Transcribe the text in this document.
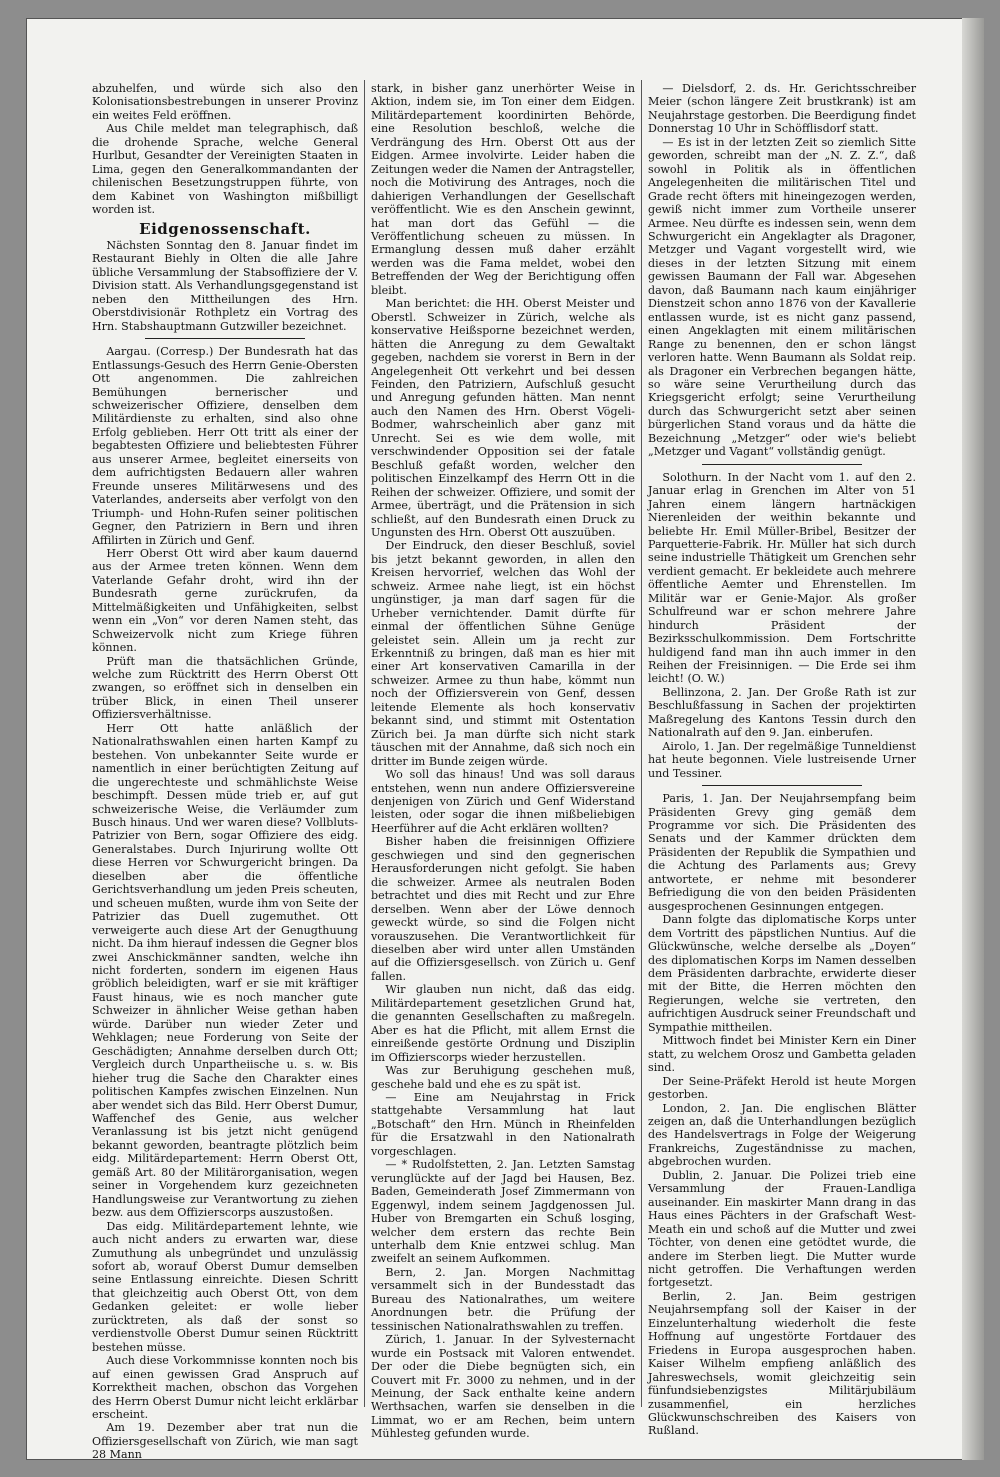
abzuhelfen, und würde sich also den Kolonisationsbestrebungen in unserer Provinz ein weites Feld eröffnen.

Aus Chile meldet man telegraphisch, daß die drohende Sprache, welche General Hurlbut, Gesandter der Vereinigten Staaten in Lima, gegen den Generalkommandanten der chilenischen Besetzungstruppen führte, von dem Kabinet von Washington mißbilligt worden ist.

Eidgenossenschaft.

Nächsten Sonntag den 8. Januar findet im Restaurant Biehly in Olten die alle Jahre übliche Versammlung der Stabsoffiziere der V. Division statt. Als Verhandlungsgegenstand ist neben den Mittheilungen des Hrn. Oberstdivisionär Rothpletz ein Vortrag des Hrn. Stabshauptmann Gutzwiller bezeichnet.

Aargau. (Corresp.) Der Bundesrath hat das Entlassungs-Gesuch des Herrn Genie-Obersten Ott angenommen. Die zahlreichen Bemühungen bernerischer und schweizerischer Offiziere, denselben dem Militärdienste zu erhalten, sind also ohne Erfolg geblieben. Herr Ott tritt als einer der begabtesten Offiziere und beliebtesten Führer aus unserer Armee, begleitet einerseits von dem aufrichtigsten Bedauern aller wahren Freunde unseres Militärwesens und des Vaterlandes, anderseits aber verfolgt von den Triumph- und Hohn-Rufen seiner politischen Gegner, den Patriziern in Bern und ihren Affilirten in Zürich und Genf.

Herr Oberst Ott wird aber kaum dauernd aus der Armee treten können. Wenn dem Vaterlande Gefahr droht, wird ihn der Bundesrath gerne zurückrufen, da Mittelmäßigkeiten und Unfähigkeiten, selbst wenn ein „Von“ vor deren Namen steht, das Schweizervolk nicht zum Kriege führen können.

Prüft man die thatsächlichen Gründe, welche zum Rücktritt des Herrn Oberst Ott zwangen, so eröffnet sich in denselben ein trüber Blick, in einen Theil unserer Offiziersverhältnisse.

Herr Ott hatte anläßlich der Nationalrathswahlen einen harten Kampf zu bestehen. Von unbekannter Seite wurde er namentlich in einer berüchtigten Zeitung auf die ungerechteste und schmählichste Weise beschimpft. Dessen müde trieb er, auf gut schweizerische Weise, die Verläumder zum Busch hinaus. Und wer waren diese? Vollbluts-Patrizier von Bern, sogar Offiziere des eidg. Generalstabes. Durch Injurirung wollte Ott diese Herren vor Schwurgericht bringen. Da dieselben aber die öffentliche Gerichtsverhandlung um jeden Preis scheuten, und scheuen mußten, wurde ihm von Seite der Patrizier das Duell zugemuthet. Ott verweigerte auch diese Art der Genugthuung nicht. Da ihm hierauf indessen die Gegner blos zwei Anschickmänner sandten, welche ihn nicht forderten, sondern im eigenen Haus gröblich beleidigten, warf er sie mit kräftiger Faust hinaus, wie es noch mancher gute Schweizer in ähnlicher Weise gethan haben würde. Darüber nun wieder Zeter und Wehklagen; neue Forderung von Seite der Geschädigten; Annahme derselben durch Ott; Vergleich durch Unpartheiische u. s. w. Bis hieher trug die Sache den Charakter eines politischen Kampfes zwischen Einzelnen. Nun aber wendet sich das Bild. Herr Oberst Dumur, Waffenchef des Genie, aus welcher Veranlassung ist bis jetzt nicht genügend bekannt geworden, beantragte plötzlich beim eidg. Militärdepartement: Herrn Oberst Ott, gemäß Art. 80 der Militärorganisation, wegen seiner in Vorgehendem kurz gezeichneten Handlungsweise zur Verantwortung zu ziehen bezw. aus dem Offizierscorps auszustoßen.

Das eidg. Militärdepartement lehnte, wie auch nicht anders zu erwarten war, diese Zumuthung als unbegründet und unzulässig sofort ab, worauf Oberst Dumur demselben seine Entlassung einreichte. Diesen Schritt that gleichzeitig auch Oberst Ott, von dem Gedanken geleitet: er wolle lieber zurücktreten, als daß der sonst so verdienstvolle Oberst Dumur seinen Rücktritt bestehen müsse.

Auch diese Vorkommnisse konnten noch bis auf einen gewissen Grad Anspruch auf Korrektheit machen, obschon das Vorgehen des Herrn Oberst Dumur nicht leicht erklärbar erscheint.

Am 19. Dezember aber trat nun die Offiziersgesellschaft von Zürich, wie man sagt 28 Mann

stark, in bisher ganz unerhörter Weise in Aktion, indem sie, im Ton einer dem Eidgen. Militärdepartement koordinirten Behörde, eine Resolution beschloß, welche die Verdrängung des Hrn. Oberst Ott aus der Eidgen. Armee involvirte. Leider haben die Zeitungen weder die Namen der Antragsteller, noch die Motivirung des Antrages, noch die dahierigen Verhandlungen der Gesellschaft veröffentlicht. Wie es den Anschein gewinnt, hat man dort das Gefühl — die Veröffentlichung scheuen zu müssen. In Ermanglung dessen muß daher erzählt werden was die Fama meldet, wobei den Betreffenden der Weg der Berichtigung offen bleibt.

Man berichtet: die HH. Oberst Meister und Oberstl. Schweizer in Zürich, welche als konservative Heißsporne bezeichnet werden, hätten die Anregung zu dem Gewaltakt gegeben, nachdem sie vorerst in Bern in der Angelegenheit Ott verkehrt und bei dessen Feinden, den Patriziern, Aufschluß gesucht und Anregung gefunden hätten. Man nennt auch den Namen des Hrn. Oberst Vögeli-Bodmer, wahrscheinlich aber ganz mit Unrecht. Sei es wie dem wolle, mit verschwindender Opposition sei der fatale Beschluß gefaßt worden, welcher den politischen Einzelkampf des Herrn Ott in die Reihen der schweizer. Offiziere, und somit der Armee, überträgt, und die Prätension in sich schließt, auf den Bundesrath einen Druck zu Ungunsten des Hrn. Oberst Ott auszuüben.

Der Eindruck, den dieser Beschluß, soviel bis jetzt bekannt geworden, in allen den Kreisen hervorrief, welchen das Wohl der schweiz. Armee nahe liegt, ist ein höchst ungünstiger, ja man darf sagen für die Urheber vernichtender. Damit dürfte für einmal der öffentlichen Sühne Genüge geleistet sein. Allein um ja recht zur Erkenntniß zu bringen, daß man es hier mit einer Art konservativen Camarilla in der schweizer. Armee zu thun habe, kömmt nun noch der Offiziersverein von Genf, dessen leitende Elemente als hoch konservativ bekannt sind, und stimmt mit Ostentation Zürich bei. Ja man dürfte sich nicht stark täuschen mit der Annahme, daß sich noch ein dritter im Bunde zeigen würde.

Wo soll das hinaus! Und was soll daraus entstehen, wenn nun andere Offiziersvereine denjenigen von Zürich und Genf Widerstand leisten, oder sogar die ihnen mißbeliebigen Heerführer auf die Acht erklären wollten?

Bisher haben die freisinnigen Offiziere geschwiegen und sind den gegnerischen Herausforderungen nicht gefolgt. Sie haben die schweizer. Armee als neutralen Boden betrachtet und dies mit Recht und zur Ehre derselben. Wenn aber der Löwe dennoch geweckt würde, so sind die Folgen nicht vorauszusehen. Die Verantwortlichkeit für dieselben aber wird unter allen Umständen auf die Offiziersgesellsch. von Zürich u. Genf fallen.

Wir glauben nun nicht, daß das eidg. Militärdepartement gesetzlichen Grund hat, die genannten Gesellschaften zu maßregeln. Aber es hat die Pflicht, mit allem Ernst die einreißende gestörte Ordnung und Disziplin im Offizierscorps wieder herzustellen.

Was zur Beruhigung geschehen muß, geschehe bald und ehe es zu spät ist.

— Eine am Neujahrstag in Frick stattgehabte Versammlung hat laut „Botschaft“ den Hrn. Münch in Rheinfelden für die Ersatzwahl in den Nationalrath vorgeschlagen.

— * Rudolfstetten, 2. Jan. Letzten Samstag verunglückte auf der Jagd bei Hausen, Bez. Baden, Gemeinderath Josef Zimmermann von Eggenwyl, indem seinem Jagdgenossen Jul. Huber von Bremgarten ein Schuß losging, welcher dem erstern das rechte Bein unterhalb dem Knie entzwei schlug. Man zweifelt an seinem Aufkommen.

Bern, 2. Jan. Morgen Nachmittag versammelt sich in der Bundesstadt das Bureau des Nationalrathes, um weitere Anordnungen betr. die Prüfung der tessinischen Nationalrathswahlen zu treffen.

Zürich, 1. Januar. In der Sylvesternacht wurde ein Postsack mit Valoren entwendet. Der oder die Diebe begnügten sich, ein Couvert mit Fr. 3000 zu nehmen, und in der Meinung, der Sack enthalte keine andern Werthsachen, warfen sie denselben in die Limmat, wo er am Rechen, beim untern Mühlesteg gefunden wurde.

— Dielsdorf, 2. ds. Hr. Gerichtsschreiber Meier (schon längere Zeit brustkrank) ist am Neujahrstage gestorben. Die Beerdigung findet Donnerstag 10 Uhr in Schöfflisdorf statt.

— Es ist in der letzten Zeit so ziemlich Sitte geworden, schreibt man der „N. Z. Z.“, daß sowohl in Politik als in öffentlichen Angelegenheiten die militärischen Titel und Grade recht öfters mit hineingezogen werden, gewiß nicht immer zum Vortheile unserer Armee. Neu dürfte es indessen sein, wenn dem Schwurgericht ein Angeklagter als Dragoner, Metzger und Vagant vorgestellt wird, wie dieses in der letzten Sitzung mit einem gewissen Baumann der Fall war. Abgesehen davon, daß Baumann nach kaum einjähriger Dienstzeit schon anno 1876 von der Kavallerie entlassen wurde, ist es nicht ganz passend, einen Angeklagten mit einem militärischen Range zu benennen, den er schon längst verloren hatte. Wenn Baumann als Soldat reip. als Dragoner ein Verbrechen begangen hätte, so wäre seine Verurtheilung durch das Kriegsgericht erfolgt; seine Verurtheilung durch das Schwurgericht setzt aber seinen bürgerlichen Stand voraus und da hätte die Bezeichnung „Metzger“ oder wie's beliebt „Metzger und Vagant“ vollständig genügt.

Solothurn. In der Nacht vom 1. auf den 2. Januar erlag in Grenchen im Alter von 51 Jahren einem längern hartnäckigen Nierenleiden der weithin bekannte und beliebte Hr. Emil Müller-Bribel, Besitzer der Parquetterie-Fabrik. Hr. Müller hat sich durch seine industrielle Thätigkeit um Grenchen sehr verdient gemacht. Er bekleidete auch mehrere öffentliche Aemter und Ehrenstellen. Im Militär war er Genie-Major. Als großer Schulfreund war er schon mehrere Jahre hindurch Präsident der Bezirksschulkommission. Dem Fortschritte huldigend fand man ihn auch immer in den Reihen der Freisinnigen. — Die Erde sei ihm leicht! (O. W.)

Bellinzona, 2. Jan. Der Große Rath ist zur Beschlußfassung in Sachen der projektirten Maßregelung des Kantons Tessin durch den Nationalrath auf den 9. Jan. einberufen.

Airolo, 1. Jan. Der regelmäßige Tunneldienst hat heute begonnen. Viele lustreisende Urner und Tessiner.

Paris, 1. Jan. Der Neujahrsempfang beim Präsidenten Grevy ging gemäß dem Programme vor sich. Die Präsidenten des Senats und der Kammer drückten dem Präsidenten der Republik die Sympathien und die Achtung des Parlaments aus; Grevy antwortete, er nehme mit besonderer Befriedigung die von den beiden Präsidenten ausgesprochenen Gesinnungen entgegen.

Dann folgte das diplomatische Korps unter dem Vortritt des päpstlichen Nuntius. Auf die Glückwünsche, welche derselbe als „Doyen“ des diplomatischen Korps im Namen desselben dem Präsidenten darbrachte, erwiderte dieser mit der Bitte, die Herren möchten den Regierungen, welche sie vertreten, den aufrichtigen Ausdruck seiner Freundschaft und Sympathie mittheilen.

Mittwoch findet bei Minister Kern ein Diner statt, zu welchem Orosz und Gambetta geladen sind.

Der Seine-Präfekt Herold ist heute Morgen gestorben.

London, 2. Jan. Die englischen Blätter zeigen an, daß die Unterhandlungen bezüglich des Handelsvertrags in Folge der Weigerung Frankreichs, Zugeständnisse zu machen, abgebrochen wurden.

Dublin, 2. Januar. Die Polizei trieb eine Versammlung der Frauen-Landliga auseinander. Ein maskirter Mann drang in das Haus eines Pächters in der Grafschaft West-Meath ein und schoß auf die Mutter und zwei Töchter, von denen eine getödtet wurde, die andere im Sterben liegt. Die Mutter wurde nicht getroffen. Die Verhaftungen werden fortgesetzt.

Berlin, 2. Jan. Beim gestrigen Neujahrsempfang soll der Kaiser in der Einzelunterhaltung wiederholt die feste Hoffnung auf ungestörte Fortdauer des Friedens in Europa ausgesprochen haben. Kaiser Wilhelm empfieng anläßlich des Jahreswechsels, womit gleichzeitig sein fünfundsiebenzigstes Militärjubiläum zusammenfiel, ein herzliches Glückwunschschreiben des Kaisers von Rußland.
